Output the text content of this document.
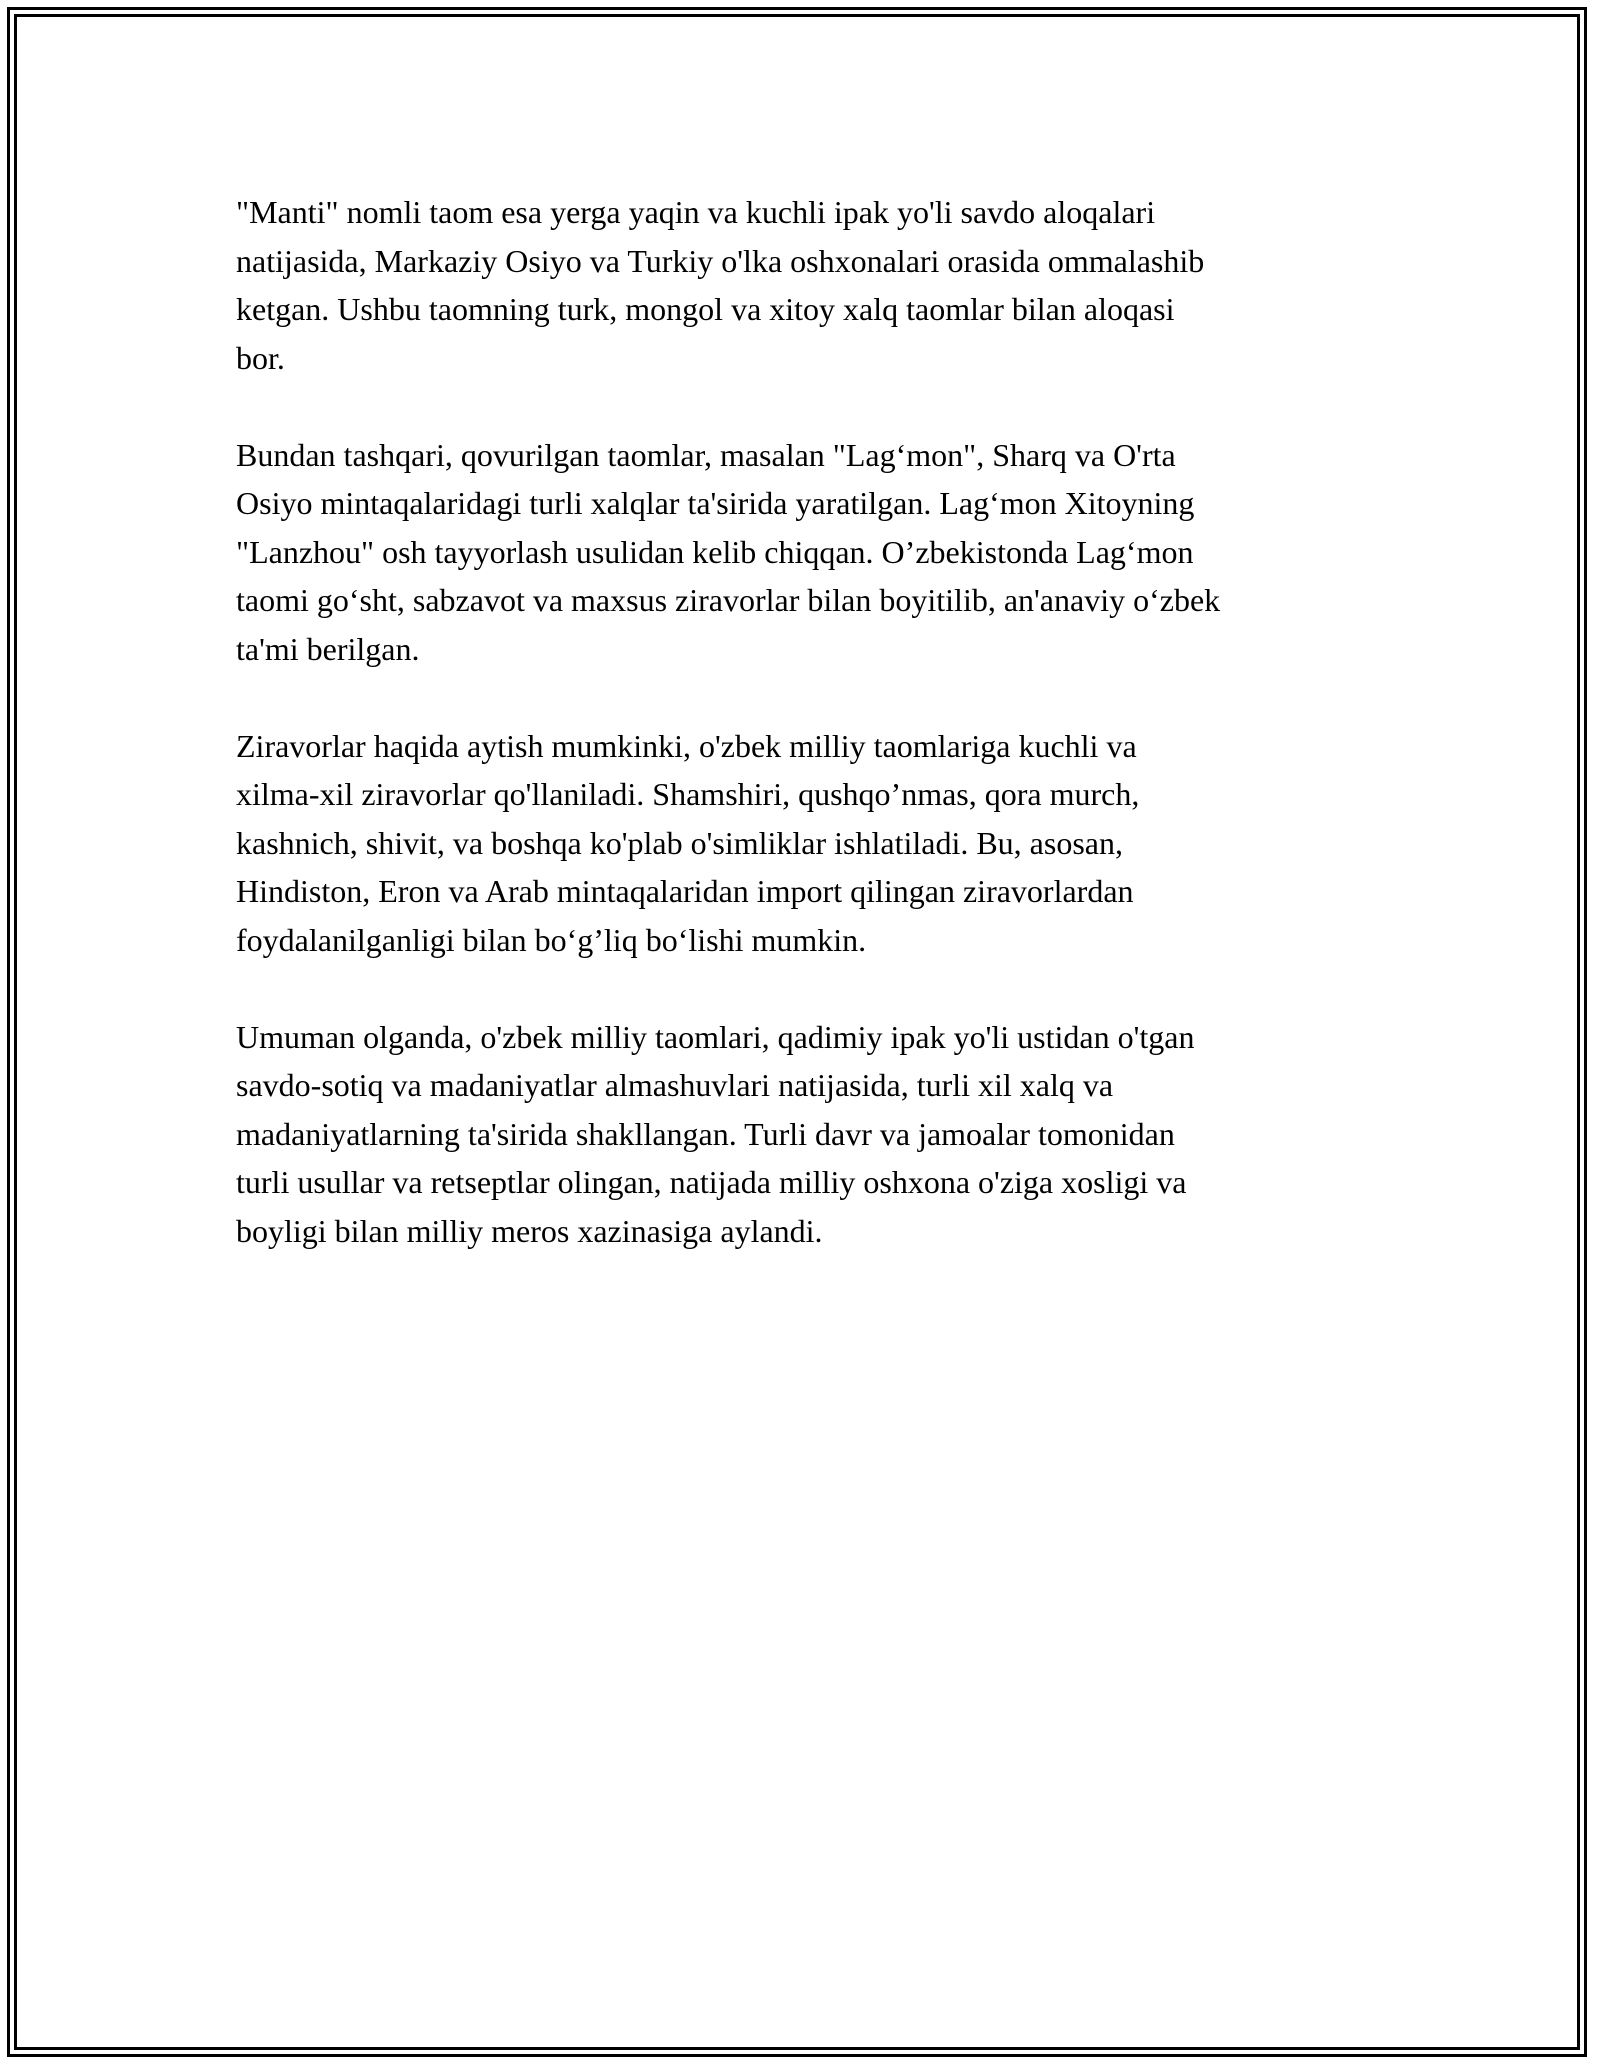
"Manti" nomli taom esa yerga yaqin va kuchli ipak yo'li savdo aloqalari
natijasida, Markaziy Osiyo va Turkiy o'lka oshxonalari orasida ommalashib
ketgan. Ushbu taomning turk, mongol va xitoy xalq taomlar bilan aloqasi
bor.

Bundan tashqari, qovurilgan taomlar, masalan "Lag‘mon", Sharq va O'rta
Osiyo mintaqalaridagi turli xalqlar ta'sirida yaratilgan. Lag‘mon Xitoyning
"Lanzhou" osh tayyorlash usulidan kelib chiqqan. O’zbekistonda Lag‘mon
taomi go‘sht, sabzavot va maxsus ziravorlar bilan boyitilib, an'anaviy o‘zbek
ta'mi berilgan.

Ziravorlar haqida aytish mumkinki, o'zbek milliy taomlariga kuchli va
xilma-xil ziravorlar qo'llaniladi. Shamshiri, qushqo’nmas, qora murch,
kashnich, shivit, va boshqa ko'plab o'simliklar ishlatiladi. Bu, asosan,
Hindiston, Eron va Arab mintaqalaridan import qilingan ziravorlardan
foydalanilganligi bilan bo‘g’liq bo‘lishi mumkin.

Umuman olganda, o'zbek milliy taomlari, qadimiy ipak yo'li ustidan o'tgan
savdo-sotiq va madaniyatlar almashuvlari natijasida, turli xil xalq va
madaniyatlarning ta'sirida shakllangan. Turli davr va jamoalar tomonidan
turli usullar va retseptlar olingan, natijada milliy oshxona o'ziga xosligi va
boyligi bilan milliy meros xazinasiga aylandi.
